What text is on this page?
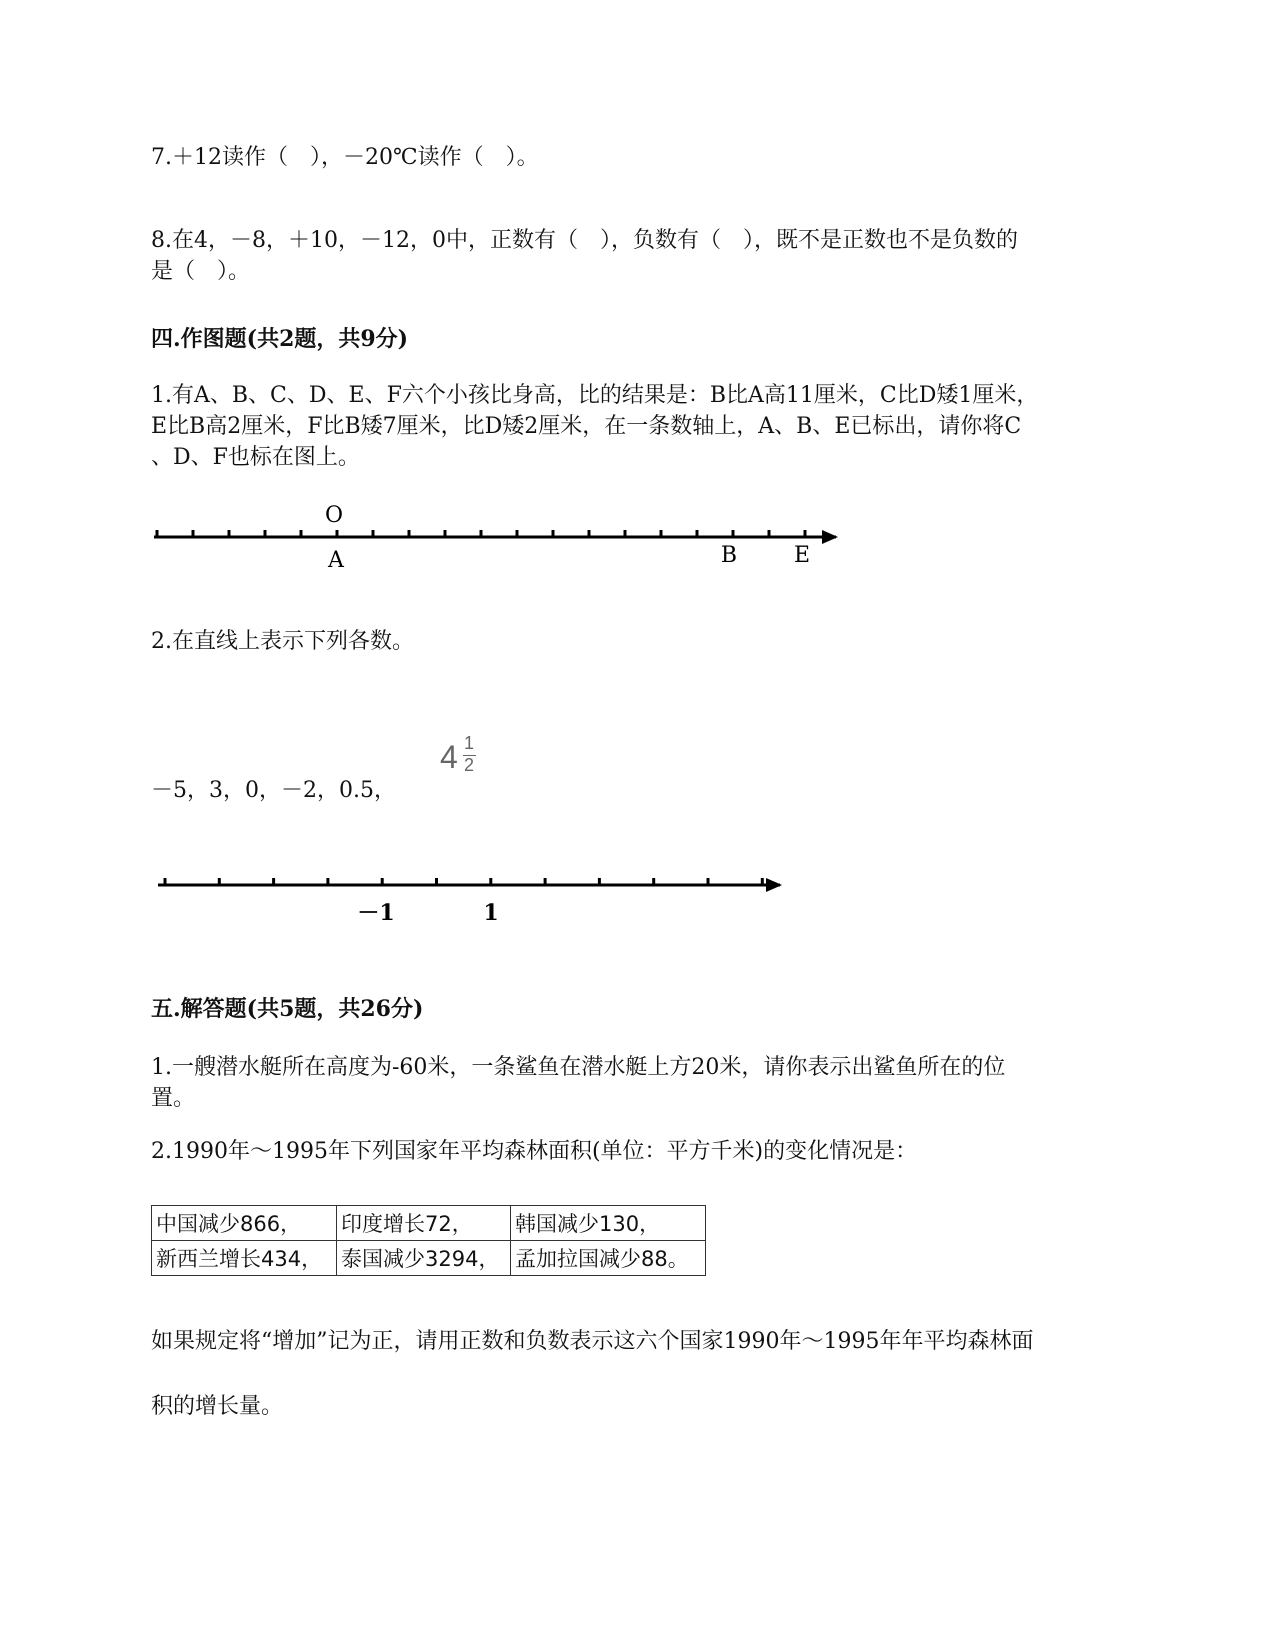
7.＋12读作（　），－20℃读作（　）。

8.在4，－8，＋10，－12，0中，正数有（　），负数有（　），既不是正数也不是负数的

是（　）。

四.作图题(共2题，共9分)

1.有A、B、C、D、E、F六个小孩比身高，比的结果是：B比A高11厘米，C比D矮1厘米，

E比B高2厘米，F比B矮7厘米，比D矮2厘米，在一条数轴上，A、B、E已标出，请你将C

、D、F也标在图上。

O
A	B	E

2.在直线上表示下列各数。

－5，3，0，－2，0.5，

4 1
2
－1	1

五.解答题(共5题，共26分)

1.一艘潜水艇所在高度为-60米，一条鲨鱼在潜水艇上方20米，请你表示出鲨鱼所在的位

置。

2.1990年～1995年下列国家年平均森林面积(单位：平方千米)的变化情况是：

中国减少866，	印度增长72，	韩国减少130，
新西兰增长434，	泰国减少3294，	孟加拉国减少88。

如果规定将“增加”记为正，请用正数和负数表示这六个国家1990年～1995年年平均森林面

积的增长量。
